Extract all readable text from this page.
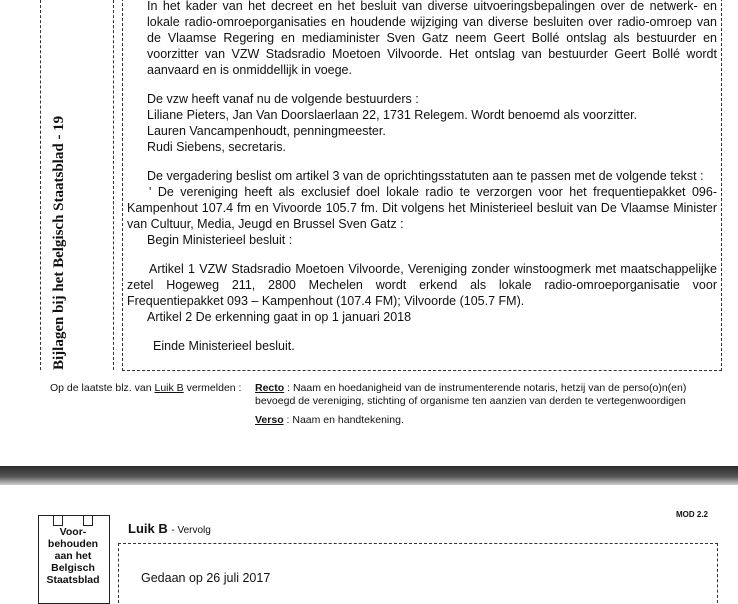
Bijlagen bij het Belgisch Staatsblad - 19

In het kader van het decreet en het besluit van diverse uitvoeringsbepalingen over de netwerk- en lokale radio-omroeporganisaties en houdende wijziging van diverse besluiten over radio-omroep van de Vlaamse Regering en mediaminister Sven Gatz neem Geert Bollé ontslag als bestuurder en voorzitter van VZW Stadsradio Moetoen Vilvoorde. Het ontslag van bestuurder Geert Bollé wordt aanvaard en is onmiddellijk in voege.

De vzw heeft vanaf nu de volgende bestuurders :

Liliane Pieters, Jan Van Doorslaerlaan 22, 1731 Relegem. Wordt benoemd als voorzitter.

Lauren Vancampenhoudt, penningmeester.

Rudi Siebens, secretaris.

De vergadering beslist om artikel 3 van de oprichtingsstatuten aan te passen met de volgende tekst :

' De vereniging heeft als exclusief doel lokale radio te verzorgen voor het frequentiepakket 096- Kampenhout 107.4 fm en Vivoorde 105.7 fm. Dit volgens het Ministerieel besluit van De Vlaamse Minister van Cultuur, Media, Jeugd en Brussel Sven Gatz :

Begin Ministerieel besluit :

Artikel 1 VZW Stadsradio Moetoen Vilvoorde, Vereniging zonder winstoogmerk met maatschappelijke zetel Hogeweg 211, 2800 Mechelen wordt erkend als lokale radio-omroeporganisatie voor Frequentiepakket 093 – Kampenhout (107.4 FM); Vilvoorde (105.7 FM).

Artikel 2 De erkenning gaat in op 1 januari 2018

Einde Ministerieel besluit.

Op de laatste blz. van Luik B vermelden :	Recto : Naam en hoedanigheid van de instrumenterende notaris, hetzij van de perso(o)n(en) bevoegd de vereniging, stichting of organisme ten aanzien van derden te vertegenwoordigen
Verso : Naam en handtekening.
Voor-
behouden
aan het
Belgisch
Staatsblad
Luik B - Vervolg
MOD 2.2
Gedaan op 26 juli 2017
